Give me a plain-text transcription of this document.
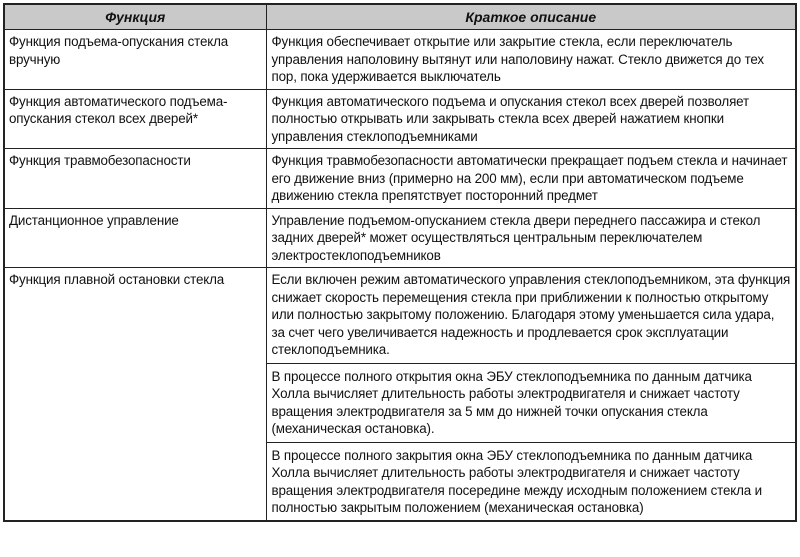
Функция	Краткое описание
Функция подъема-опускания стекла вручную	Функция обеспечивает открытие или закрытие стекла, если переключатель управления наполовину вытянут или наполовину нажат. Стекло движется до тех пор, пока удерживается выключатель

Функция автоматического подъема-опускания стекол всех дверей*	Функция автоматического подъема и опускания стекол всех дверей позволяет полностью открывать или закрывать стекла всех дверей нажатием кнопки управления стеклоподъемниками

Функция травмобезопасности	Функция травмобезопасности автоматически прекращает подъем стекла и начинает его движение вниз (примерно на 200 мм), если при автоматическом подъеме движению стекла препятствует посторонний предмет

Дистанционное управление	Управление подъемом-опусканием стекла двери переднего пассажира и стекол задних дверей* может осуществляться центральным переключателем электростеклоподъемников

Функция плавной остановки стекла	Если включен режим автоматического управления стеклоподъемником, эта функция снижает скорость перемещения стекла при приближении к полностью открытому или полностью закрытому положению. Благодаря этому уменьшается сила удара, за счет чего увеличивается надежность и продлевается срок эксплуатации стеклоподъемника.

В процессе полного открытия окна ЭБУ стеклоподъемника по данным датчика Холла вычисляет длительность работы электродвигателя и снижает частоту вращения электродвигателя за 5 мм до нижней точки опускания стекла (механическая остановка).

В процессе полного закрытия окна ЭБУ стеклоподъемника по данным датчика Холла вычисляет длительность работы электродвигателя и снижает частоту вращения электродвигателя посередине между исходным положением стекла и полностью закрытым положением (механическая остановка)
